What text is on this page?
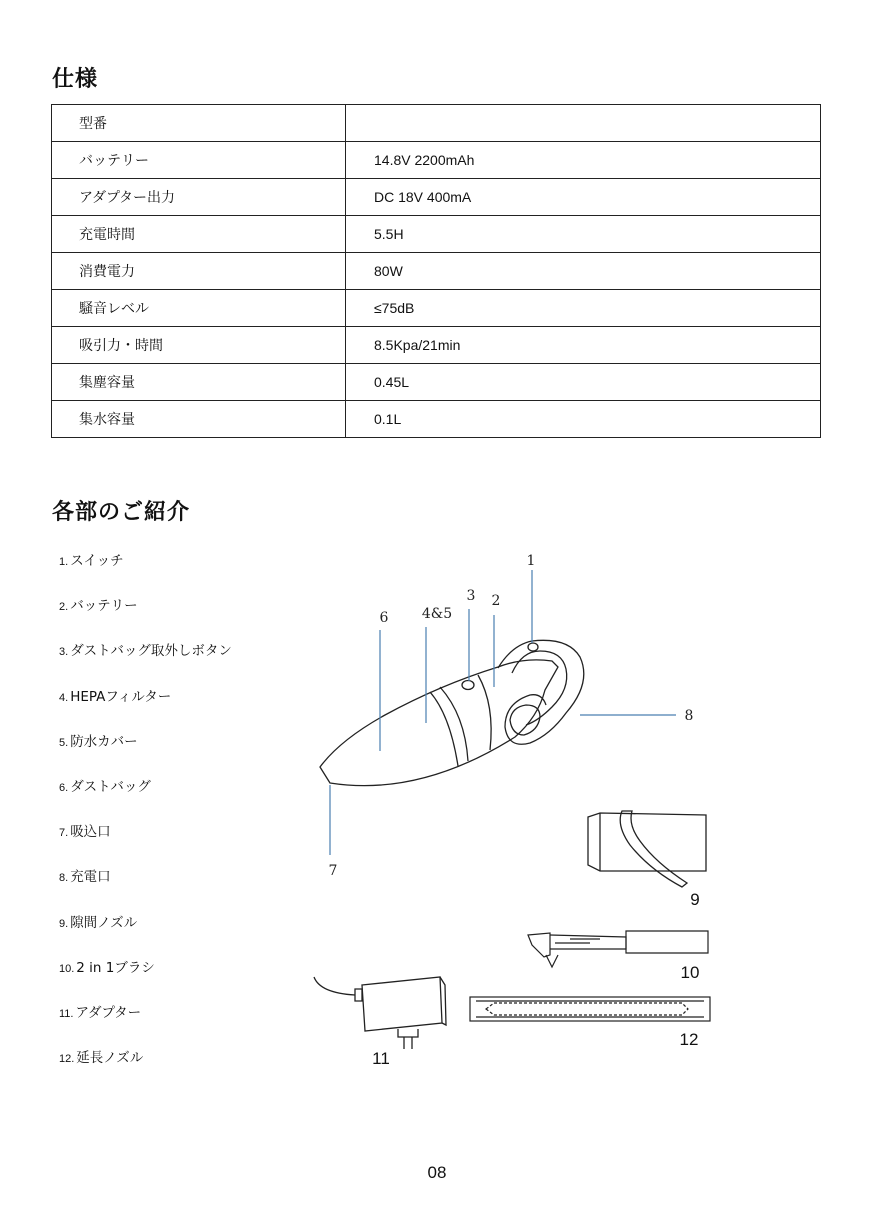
仕様
型番	
バッテリー	14.8V 2200mAh
アダプター出力	DC 18V 400mA
充電時間	5.5H
消費電力	80W
騒音レベル	≤75dB
吸引力・時間	8.5Kpa/21min
集塵容量	0.45L
集水容量	0.1L
各部のご紹介
1. スイッチ
2. バッテリー
3. ダストバッグ取外しボタン
4. HEPAフィルター
5. 防水カバー
6. ダストバッグ
7. 吸込口
8. 充電口
9. 隙間ノズル
10. 2 in 1ブラシ
11. アダプター
12. 延長ノズル
1
2
3
4&5
6
7
8
9
10
11
12
08
